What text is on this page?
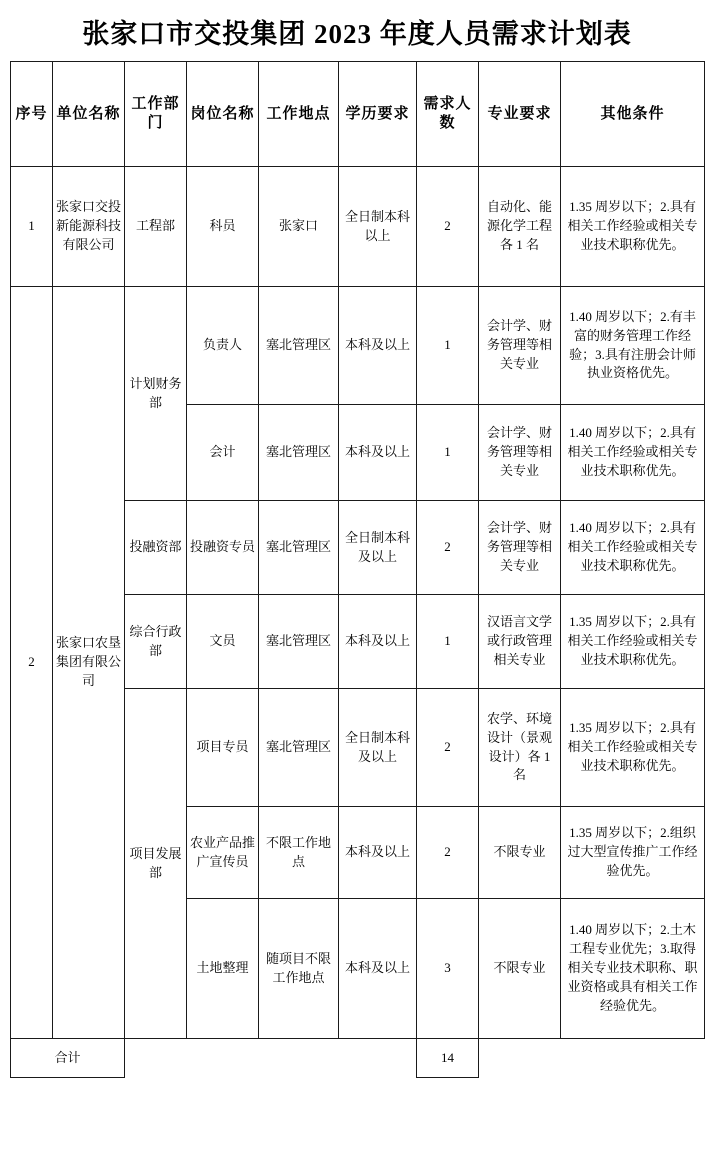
张家口市交投集团 2023 年度人员需求计划表
序号	单位名称	工作部门	岗位名称	工作地点	学历要求	需求人数	专业要求	其他条件
1	张家口交投新能源科技有限公司	工程部	科员	张家口	全日制本科以上	2	自动化、能源化学工程各 1 名	1.35 周岁以下；2.具有相关工作经验或相关专业技术职称优先。
2	张家口农垦集团有限公司	计划财务部	负责人	塞北管理区	本科及以上	1	会计学、财务管理等相关专业	1.40 周岁以下；2.有丰富的财务管理工作经验；3.具有注册会计师执业资格优先。
			会计	塞北管理区	本科及以上	1	会计学、财务管理等相关专业	1.40 周岁以下；2.具有相关工作经验或相关专业技术职称优先。
		投融资部	投融资专员	塞北管理区	全日制本科及以上	2	会计学、财务管理等相关专业	1.40 周岁以下；2.具有相关工作经验或相关专业技术职称优先。
		综合行政部	文员	塞北管理区	本科及以上	1	汉语言文学或行政管理相关专业	1.35 周岁以下；2.具有相关工作经验或相关专业技术职称优先。
		项目发展部	项目专员	塞北管理区	全日制本科及以上	2	农学、环境设计（景观设计）各 1 名	1.35 周岁以下；2.具有相关工作经验或相关专业技术职称优先。
			农业产品推广宣传员	不限工作地点	本科及以上	2	不限专业	1.35 周岁以下；2.组织过大型宣传推广工作经验优先。
			土地整理	随项目不限工作地点	本科及以上	3	不限专业	1.40 周岁以下；2.土木工程专业优先；3.取得相关专业技术职称、职业资格或具有相关工作经验优先。
合计						14		
